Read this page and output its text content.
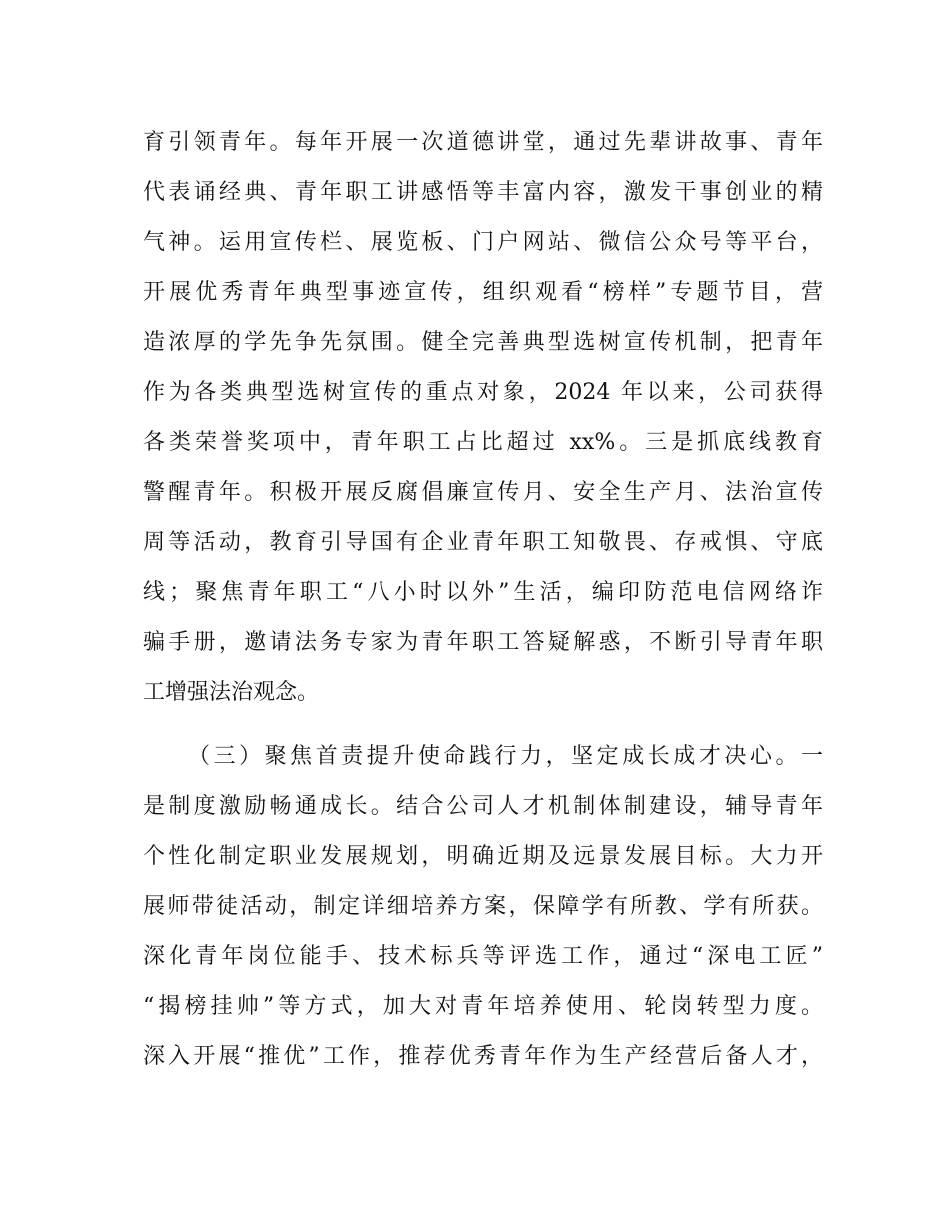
育引领青年。每年开展一次道德讲堂，通过先辈讲故事、青年
代表诵经典、青年职工讲感悟等丰富内容，激发干事创业的精
气神。运用宣传栏、展览板、门户网站、微信公众号等平台，
开展优秀青年典型事迹宣传，组织观看“榜样”专题节目，营
造浓厚的学先争先氛围。健全完善典型选树宣传机制，把青年
作为各类典型选树宣传的重点对象，2024 年以来，公司获得
各类荣誉奖项中，青年职工占比超过 xx%。三是抓底线教育
警醒青年。积极开展反腐倡廉宣传月、安全生产月、法治宣传
周等活动，教育引导国有企业青年职工知敬畏、存戒惧、守底
线；聚焦青年职工“八小时以外”生活，编印防范电信网络诈
骗手册，邀请法务专家为青年职工答疑解惑，不断引导青年职
工增强法治观念。
（三）聚焦首责提升使命践行力，坚定成长成才决心。一
是制度激励畅通成长。结合公司人才机制体制建设，辅导青年
个性化制定职业发展规划，明确近期及远景发展目标。大力开
展师带徒活动，制定详细培养方案，保障学有所教、学有所获。
深化青年岗位能手、技术标兵等评选工作，通过“深电工匠”
“揭榜挂帅”等方式，加大对青年培养使用、轮岗转型力度。
深入开展“推优”工作，推荐优秀青年作为生产经营后备人才，
